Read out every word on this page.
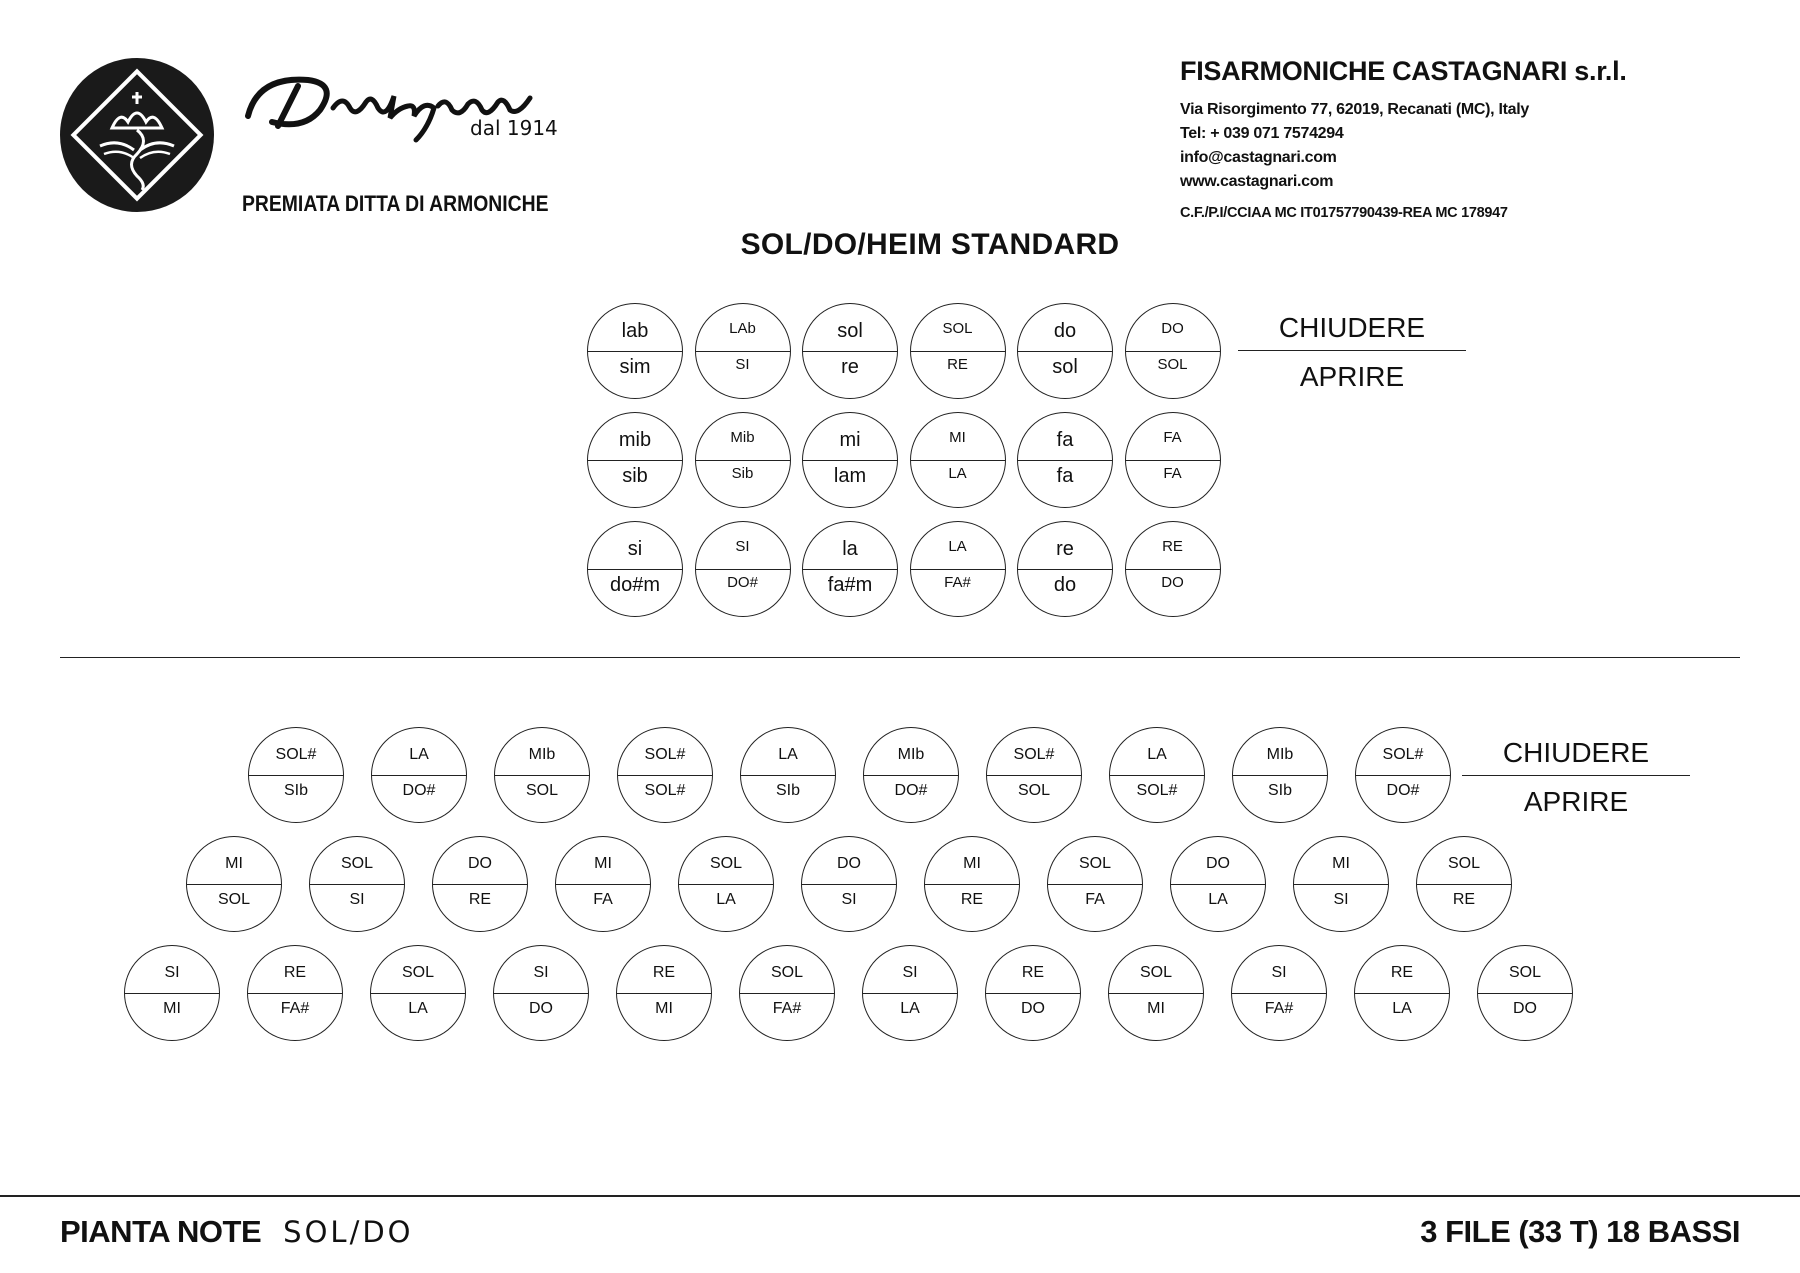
dal 1914
PREMIATA DITTA DI ARMONICHE
FISARMONICHE CASTAGNARI s.r.l.
Via Risorgimento 77, 62019, Recanati (MC), Italy
Tel: + 039 071 7574294
info@castagnari.com
www.castagnari.com
C.F./P.I/CCIAA MC IT01757790439-REA MC 178947
SOL/DO/HEIM STANDARD
lab
sim
LAb
SI
sol
re
SOL
RE
do
sol
DO
SOL
mib
sib
Mib
Sib
mi
lam
MI
LA
fa
fa
FA
FA
si
do#m
SI
DO#
la
fa#m
LA
FA#
re
do
RE
DO
CHIUDERE
APRIRE
SOL#
SIb
LA
DO#
MIb
SOL
SOL#
SOL#
LA
SIb
MIb
DO#
SOL#
SOL
LA
SOL#
MIb
SIb
SOL#
DO#
MI
SOL
SOL
SI
DO
RE
MI
FA
SOL
LA
DO
SI
MI
RE
SOL
FA
DO
LA
MI
SI
SOL
RE
SI
MI
RE
FA#
SOL
LA
SI
DO
RE
MI
SOL
FA#
SI
LA
RE
DO
SOL
MI
SI
FA#
RE
LA
SOL
DO
CHIUDERE
APRIRE
PIANTA NOTE SOL/DO	3 FILE (33 T) 18 BASSI
